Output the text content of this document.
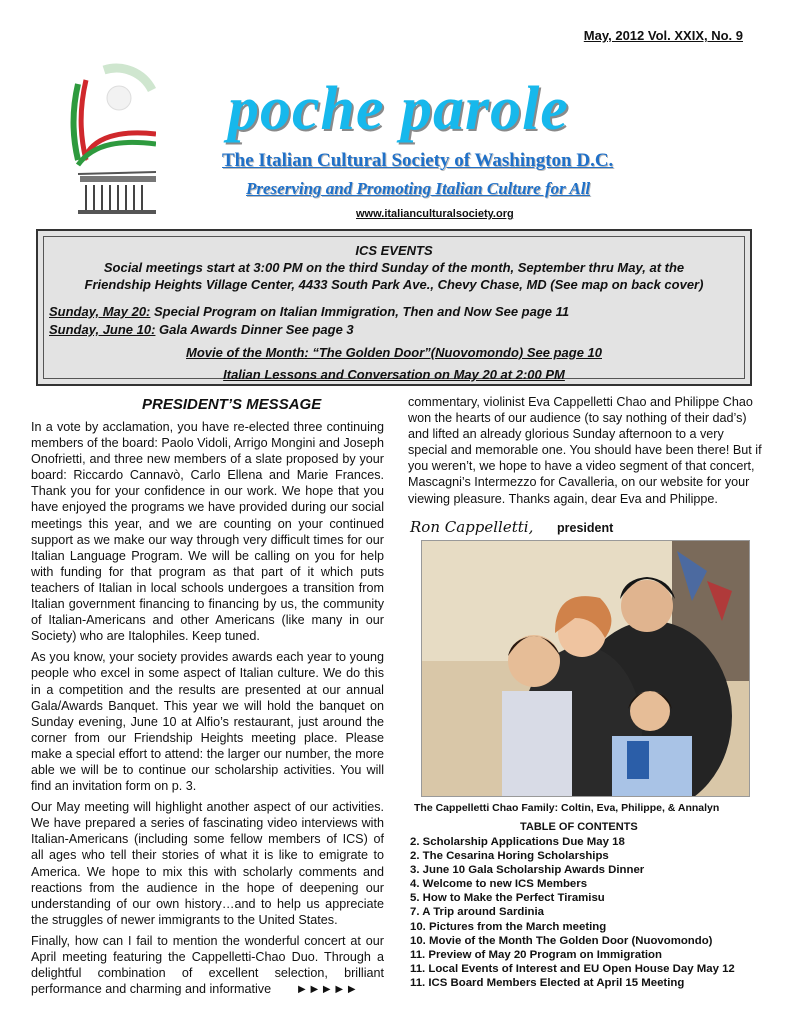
May, 2012 Vol. XXIX, No. 9
poche parole
The Italian Cultural Society of Washington D.C.
Preserving and Promoting Italian Culture for All
www.italianculturalsociety.org
ICS EVENTS
Social meetings start at 3:00 PM on the third Sunday of the month, September thru May, at the
Friendship Heights Village Center, 4433 South Park Ave., Chevy Chase, MD (See map on back cover)
Sunday, May 20: Special Program on Italian Immigration, Then and Now See page 11
Sunday, June 10: Gala Awards Dinner See page 3
Movie of the Month: “The Golden Door”(Nuovomondo) See page 10
Italian Lessons and Conversation on May 20 at 2:00 PM
PRESIDENT’S MESSAGE

In a vote by acclamation, you have re-elected three continuing members of the board: Paolo Vidoli, Arrigo Mongini and Joseph Onofrietti, and three new members of a slate proposed by your board: Riccardo Cannavò, Carlo Ellena and Marie Frances. Thank you for your confidence in our work. We hope that you have enjoyed the programs we have provided during our social meetings this year, and we are counting on your continued support as we make our way through very difficult times for our Italian Language Program. We will be calling on you for help with funding for that program as that part of it which puts teachers of Italian in local schools undergoes a transition from Italian government financing to financing by us, the community of Italian-Americans and other Americans (like many in our Society) who are Italophiles. Keep tuned.

As you know, your society provides awards each year to young people who excel in some aspect of Italian culture. We do this in a competition and the results are presented at our annual Gala/Awards Banquet. This year we will hold the banquet on Sunday evening, June 10 at Alfio’s restaurant, just around the corner from our Friendship Heights meeting place. Please make a special effort to attend: the larger our number, the more able we will be to continue our scholarship activities. You will find an invitation form on p. 3.

Our May meeting will highlight another aspect of our activities. We have prepared a series of fascinating video interviews with Italian-Americans (including some fellow members of ICS) of all ages who tell their stories of what it is like to emigrate to America. We hope to mix this with scholarly comments and reactions from the audience in the hope of deepening our understanding of our own history…and to help us appreciate the struggles of newer immigrants to the United States.

Finally, how can I fail to mention the wonderful concert at our April meeting featuring the Cappelletti-Chao Duo. Through a delightful combination of excellent selection, brilliant performance and charming and informative ►►►►►

commentary, violinist Eva Cappelletti Chao and Philippe Chao won the hearts of our audience (to say nothing of their dad’s) and lifted an already glorious Sunday afternoon to a very special and memorable one. You should have been there! But if you weren’t, we hope to have a video segment of that concert, Mascagni’s Intermezzo for Cavalleria, on our website for your viewing pleasure. Thanks again, dear Eva and Philippe.
Ron Cappelletti, president
The Cappelletti Chao Family: Coltin, Eva, Philippe, & Annalyn
TABLE OF CONTENTS
2. Scholarship Applications Due May 18
2. The Cesarina Horing Scholarships
3. June 10 Gala Scholarship Awards Dinner
4. Welcome to new ICS Members
5. How to Make the Perfect Tiramisu
7. A Trip around Sardinia
10. Pictures from the March meeting
10. Movie of the Month The Golden Door (Nuovomondo)
11. Preview of May 20 Program on Immigration
11. Local Events of Interest and EU Open House Day May 12
11. ICS Board Members Elected at April 15 Meeting
